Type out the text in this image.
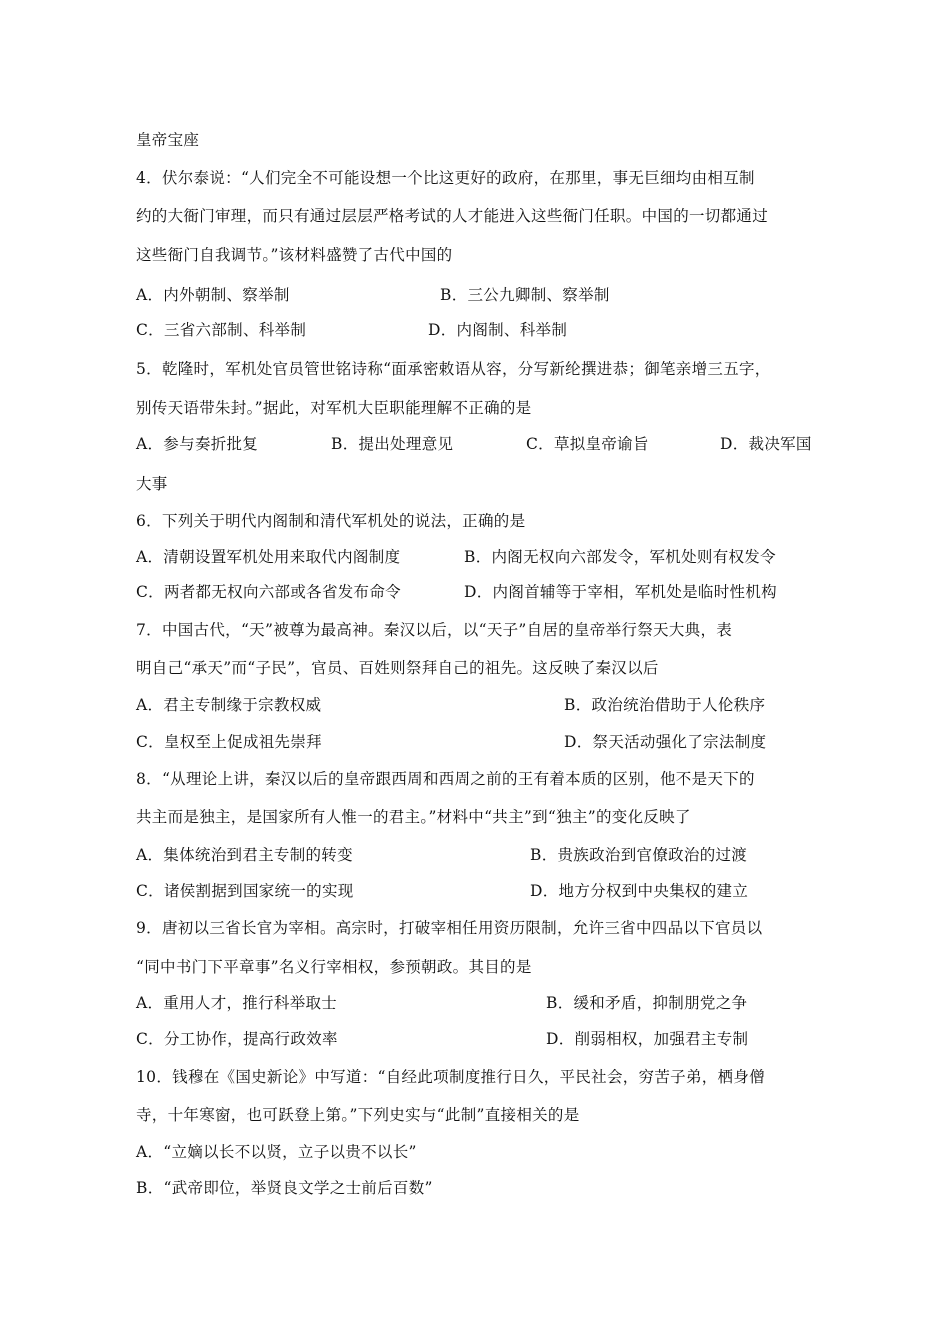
皇帝宝座
4．伏尔泰说：“人们完全不可能设想一个比这更好的政府，在那里，事无巨细均由相互制
约的大衙门审理，而只有通过层层严格考试的人才能进入这些衙门任职。中国的一切都通过
这些衙门自我调节。”该材料盛赞了古代中国的
A．内外朝制、察举制	B．三公九卿制、察举制
C．三省六部制、科举制	D．内阁制、科举制
5．乾隆时，军机处官员管世铭诗称“面承密敕语从容，分写新纶撰进恭；御笔亲增三五字，
别传天语带朱封。”据此，对军机大臣职能理解不正确的是
A．参与奏折批复	B．提出处理意见	C．草拟皇帝谕旨	D．裁决军国
大事
6．下列关于明代内阁制和清代军机处的说法，正确的是
A．清朝设置军机处用来取代内阁制度	B．内阁无权向六部发令，军机处则有权发令
C．两者都无权向六部或各省发布命令	D．内阁首辅等于宰相，军机处是临时性机构
7．中国古代，“天”被尊为最高神。秦汉以后，以“天子”自居的皇帝举行祭天大典，表
明自己“承天”而“子民”，官员、百姓则祭拜自己的祖先。这反映了秦汉以后
A．君主专制缘于宗教权威	B．政治统治借助于人伦秩序
C．皇权至上促成祖先崇拜	D．祭天活动强化了宗法制度
8．“从理论上讲，秦汉以后的皇帝跟西周和西周之前的王有着本质的区别，他不是天下的
共主而是独主，是国家所有人惟一的君主。”材料中“共主”到“独主”的变化反映了
A．集体统治到君主专制的转变	B．贵族政治到官僚政治的过渡
C．诸侯割据到国家统一的实现	D．地方分权到中央集权的建立
9．唐初以三省长官为宰相。高宗时，打破宰相任用资历限制，允许三省中四品以下官员以
“同中书门下平章事”名义行宰相权，参预朝政。其目的是
A．重用人才，推行科举取士	B．缓和矛盾，抑制朋党之争
C．分工协作，提高行政效率	D．削弱相权，加强君主专制
10．钱穆在《国史新论》中写道：“自经此项制度推行日久，平民社会，穷苦子弟，栖身僧
寺，十年寒窗，也可跃登上第。”下列史实与“此制”直接相关的是
A．“立嫡以长不以贤，立子以贵不以长”
B．“武帝即位，举贤良文学之士前后百数”
